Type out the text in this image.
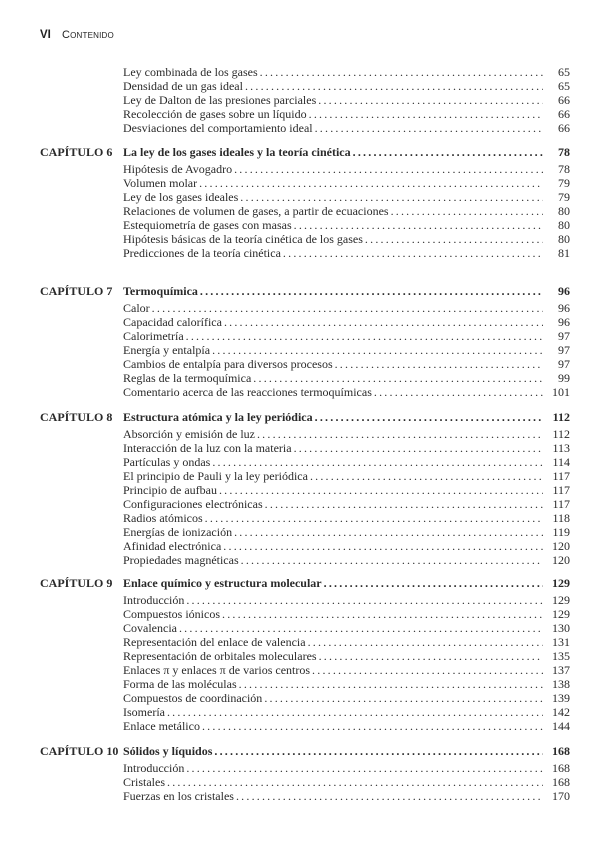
VI Contenido
Ley combinada de los gases . . .	65
Densidad de un gas ideal . . .	65
Ley de Dalton de las presiones parciales . . .	66
Recolección de gases sobre un líquido . . .	66
Desviaciones del comportamiento ideal . . .	66
CAPÍTULO 6 La ley de los gases ideales y la teoría cinética . . .	78
Hipótesis de Avogadro . . .	78
Volumen molar . . .	79
Ley de los gases ideales . . .	79
Relaciones de volumen de gases, a partir de ecuaciones . . .	80
Estequiometría de gases con masas . . .	80
Hipótesis básicas de la teoría cinética de los gases . . .	80
Predicciones de la teoría cinética . . .	81
CAPÍTULO 7 Termoquímica . . .	96
Calor . . .	96
Capacidad calorífica . . .	96
Calorimetría . . .	97
Energía y entalpía . . .	97
Cambios de entalpía para diversos procesos . . .	97
Reglas de la termoquímica . . .	99
Comentario acerca de las reacciones termoquímicas . . .	101
CAPÍTULO 8 Estructura atómica y la ley periódica . . .	112
Absorción y emisión de luz . . .	112
Interacción de la luz con la materia . . .	113
Partículas y ondas . . .	114
El principio de Pauli y la ley periódica . . .	117
Principio de aufbau . . .	117
Configuraciones electrónicas . . .	117
Radios atómicos . . .	118
Energías de ionización . . .	119
Afinidad electrónica . . .	120
Propiedades magnéticas . . .	120
CAPÍTULO 9 Enlace químico y estructura molecular . . .	129
Introducción . . .	129
Compuestos iónicos . . .	129
Covalencia . . .	130
Representación del enlace de valencia . . .	131
Representación de orbitales moleculares . . .	135
Enlaces π y enlaces π de varios centros . . .	137
Forma de las moléculas . . .	138
Compuestos de coordinación . . .	139
Isomería . . .	142
Enlace metálico . . .	144
CAPÍTULO 10 Sólidos y líquidos . . .	168
Introducción . . .	168
Cristales . . .	168
Fuerzas en los cristales . . .	170
